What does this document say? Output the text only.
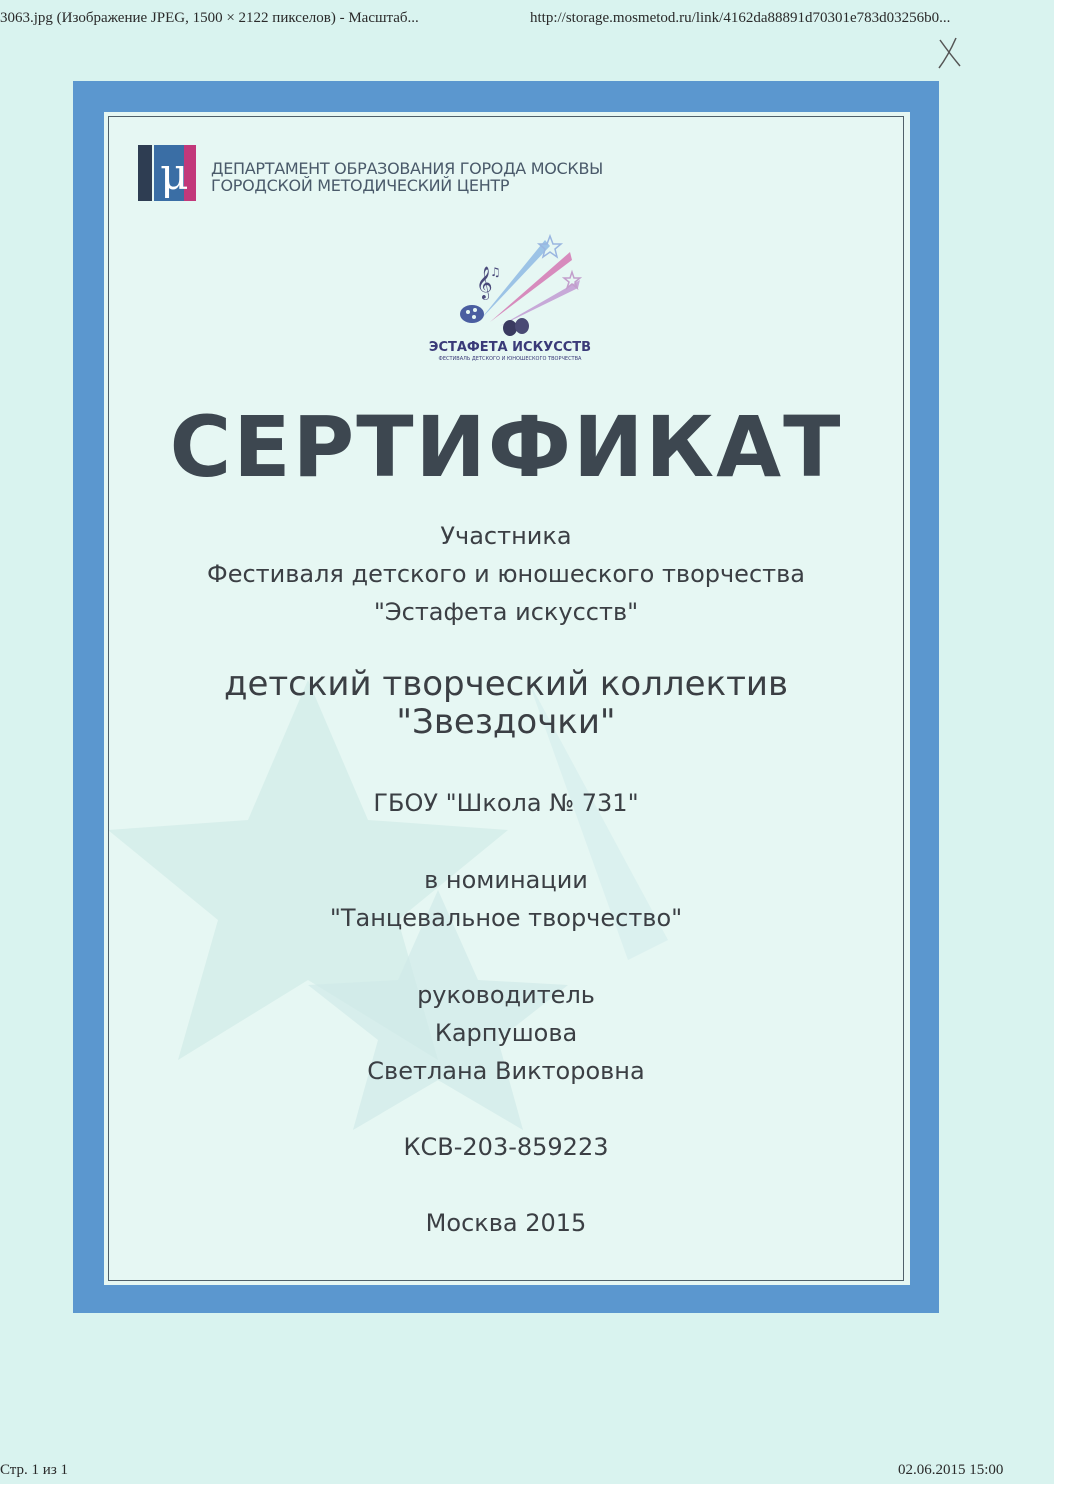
3063.jpg (Изображение JPEG, 1500 × 2122 пикселов) - Масштаб...	http://storage.mosmetod.ru/link/4162da88891d70301e783d03256b0...
μ ДЕПАРТАМЕНТ ОБРАЗОВАНИЯ ГОРОДА МОСКВЫ
ГОРОДСКОЙ МЕТОДИЧЕСКИЙ ЦЕНТР
𝄞
♫
ЭСТАФЕТА ИСКУССТВ
ФЕСТИВАЛЬ ДЕТСКОГО И ЮНОШЕСКОГО ТВОРЧЕСТВА
СЕРТИФИКАТ
Участника
Фестиваля детского и юношеского творчества
"Эстафета искусств"
детский творческий коллектив
"Звездочки"
ГБОУ "Школа № 731"
в номинации
"Танцевальное творчество"
руководитель
Карпушова
Светлана Викторовна
КСВ-203-859223
Москва 2015
Стр. 1 из 1	02.06.2015 15:00
